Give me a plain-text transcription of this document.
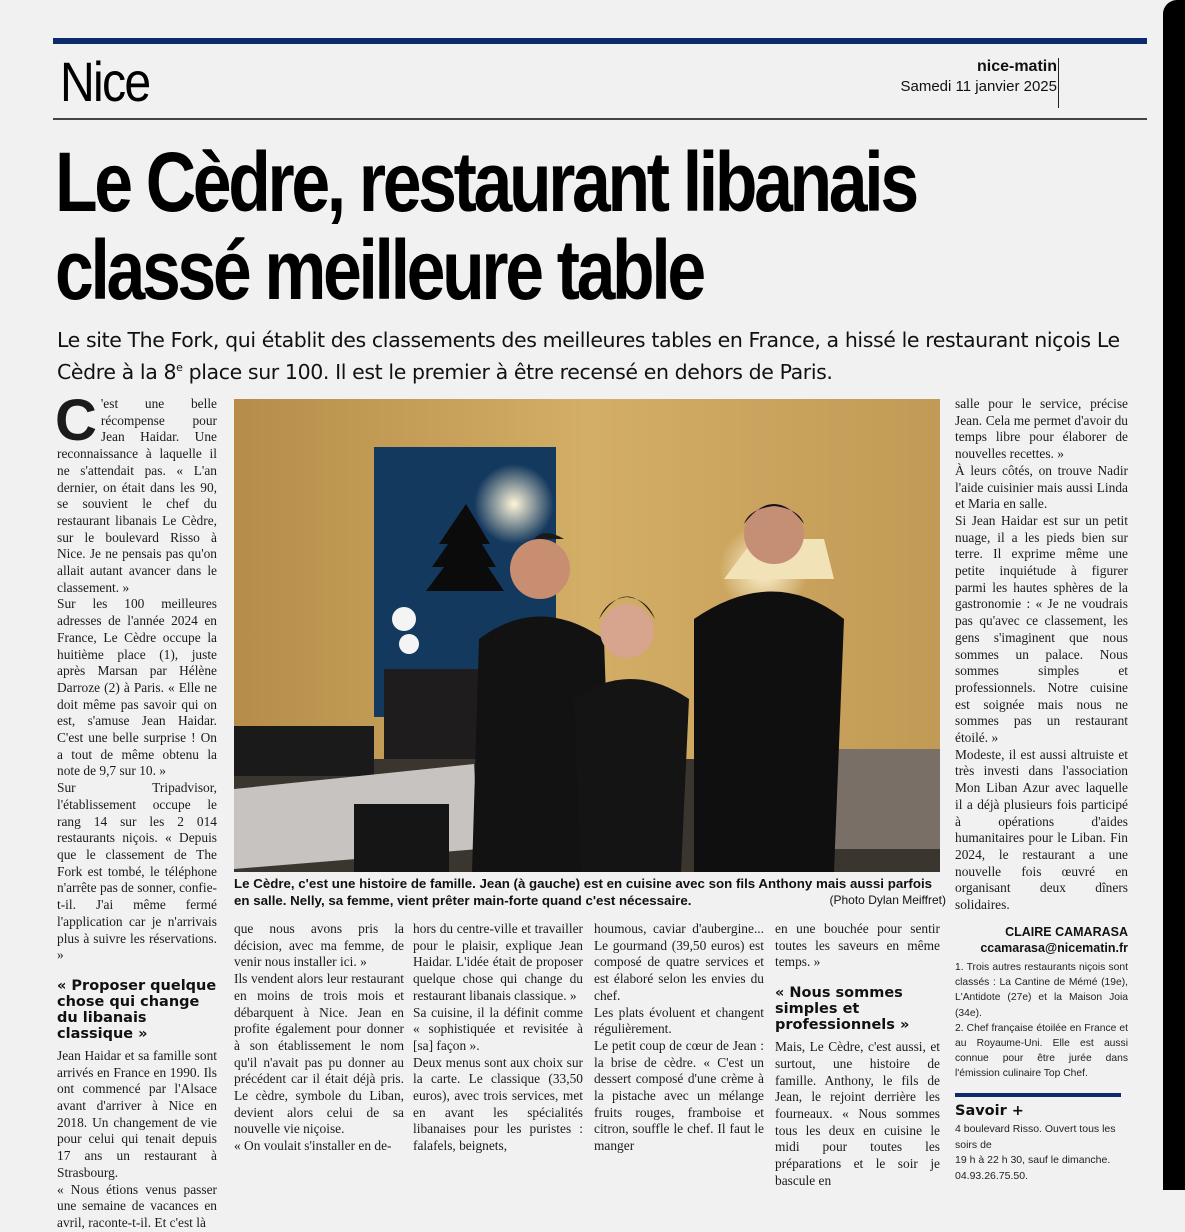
Nice	nice-matin
Samedi 11 janvier 2025
Le Cèdre, restaurant libanais
classé meilleure table
Le site The Fork, qui établit des classements des meilleures tables en France, a hissé le restaurant niçois Le Cèdre à la 8e place sur 100. Il est le premier à être recensé en dehors de Paris.
C 'est une belle récompense pour Jean Haidar. Une reconnaissance à laquelle il ne s'attendait pas. « L'an dernier, on était dans les 90, se souvient le chef du restaurant libanais Le Cèdre, sur le boulevard Risso à Nice. Je ne pensais pas qu'on allait autant avancer dans le classement. »

Sur les 100 meilleures adresses de l'année 2024 en France, Le Cèdre occupe la huitième place (1), juste après Marsan par Hélène Darroze (2) à Paris. « Elle ne doit même pas savoir qui on est, s'amuse Jean Haidar. C'est une belle surprise ! On a tout de même obtenu la note de 9,7 sur 10. »

Sur Tripadvisor, l'établissement occupe le rang 14 sur les 2 014 restaurants niçois. « Depuis que le classement de The Fork est tombé, le téléphone n'arrête pas de sonner, confie-t-il. J'ai même fermé l'application car je n'arrivais plus à suivre les réservations. »

« Proposer quelque chose qui change du libanais classique »

Jean Haidar et sa famille sont arrivés en France en 1990. Ils ont commencé par l'Alsace avant d'arriver à Nice en 2018. Un changement de vie pour celui qui tenait depuis 17 ans un restaurant à Strasbourg.

« Nous étions venus passer une semaine de vacances en avril, raconte-t-il. Et c'est là

Le Cèdre, c'est une histoire de famille. Jean (à gauche) est en cuisine avec son fils Anthony mais aussi parfois en salle. Nelly, sa femme, vient prêter main-forte quand c'est nécessaire.	(Photo Dylan Meiffret)

que nous avons pris la décision, avec ma femme, de venir nous installer ici. »

Ils vendent alors leur restaurant en moins de trois mois et débarquent à Nice. Jean en profite également pour donner à son établissement le nom qu'il n'avait pas pu donner au précédent car il était déjà pris. Le cèdre, symbole du Liban, devient alors celui de sa nouvelle vie niçoise.

« On voulait s'installer en de-

hors du centre-ville et travailler pour le plaisir, explique Jean Haidar. L'idée était de proposer quelque chose qui change du restaurant libanais classique. »

Sa cuisine, il la définit comme « sophistiquée et revisitée à [sa] façon ».

Deux menus sont aux choix sur la carte. Le classique (33,50 euros), avec trois services, met en avant les spécialités libanaises pour les puristes : falafels, beignets,

houmous, caviar d'aubergine... Le gourmand (39,50 euros) est composé de quatre services et est élaboré selon les envies du chef.

Les plats évoluent et changent régulièrement.

Le petit coup de cœur de Jean : la brise de cèdre. « C'est un dessert composé d'une crème à la pistache avec un mélange fruits rouges, framboise et citron, souffle le chef. Il faut le manger

en une bouchée pour sentir toutes les saveurs en même temps. »

« Nous sommes simples et professionnels »

Mais, Le Cèdre, c'est aussi, et surtout, une histoire de famille. Anthony, le fils de Jean, le rejoint derrière les fourneaux. « Nous sommes tous les deux en cuisine le midi pour toutes les préparations et le soir je bascule en

salle pour le service, précise Jean. Cela me permet d'avoir du temps libre pour élaborer de nouvelles recettes. »

À leurs côtés, on trouve Nadir l'aide cuisinier mais aussi Linda et Maria en salle.

Si Jean Haidar est sur un petit nuage, il a les pieds bien sur terre. Il exprime même une petite inquiétude à figurer parmi les hautes sphères de la gastronomie : « Je ne voudrais pas qu'avec ce classement, les gens s'imaginent que nous sommes un palace. Nous sommes simples et professionnels. Notre cuisine est soignée mais nous ne sommes pas un restaurant étoilé. »

Modeste, il est aussi altruiste et très investi dans l'association Mon Liban Azur avec laquelle il a déjà plusieurs fois participé à opérations d'aides humanitaires pour le Liban. Fin 2024, le restaurant a une nouvelle fois œuvré en organisant deux dîners solidaires.

CLAIRE CAMARASA
ccamarasa@nicematin.fr

1. Trois autres restaurants niçois sont classés : La Cantine de Mémé (19e), L'Antidote (27e) et la Maison Joia (34e).

2. Chef française étoilée en France et au Royaume-Uni. Elle est aussi connue pour être jurée dans l'émission culinaire Top Chef.

Savoir +

4 boulevard Risso. Ouvert tous les soirs de

19 h à 22 h 30, sauf le dimanche.

04.93.26.75.50.
